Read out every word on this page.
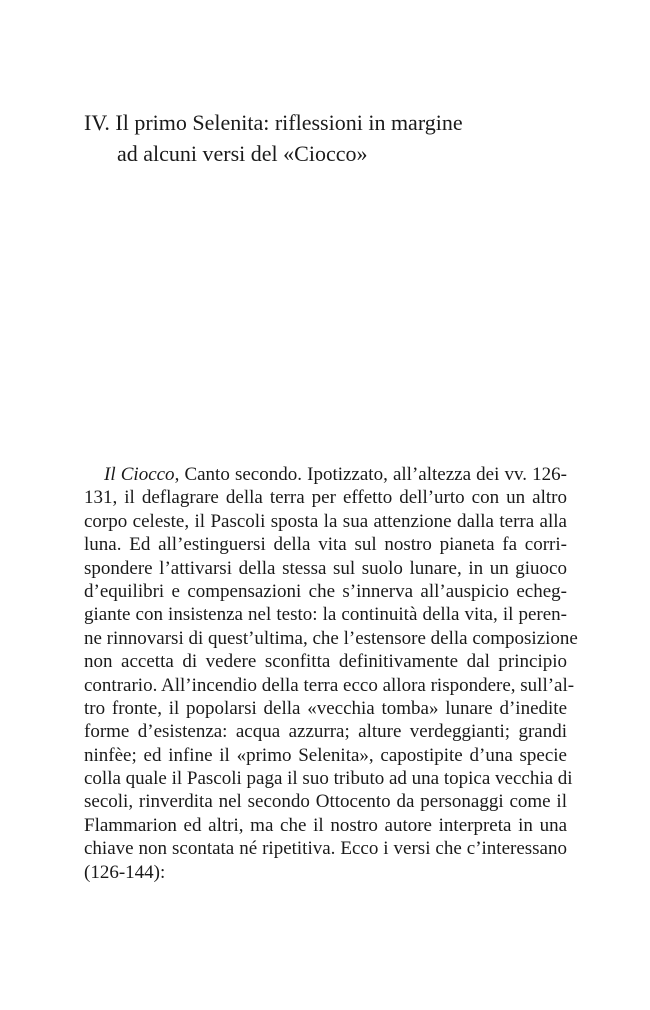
IV. Il primo Selenita: riflessioni in margine
ad alcuni versi del «Ciocco»
Il Ciocco, Canto secondo. Ipotizzato, all’altezza dei vv. 126-
131, il deflagrare della terra per effetto dell’urto con un altro
corpo celeste, il Pascoli sposta la sua attenzione dalla terra alla
luna. Ed all’estinguersi della vita sul nostro pianeta fa corri-
spondere l’attivarsi della stessa sul suolo lunare, in un giuoco
d’equilibri e compensazioni che s’innerva all’auspicio echeg-
giante con insistenza nel testo: la continuità della vita, il peren-
ne rinnovarsi di quest’ultima, che l’estensore della composizione
non accetta di vedere sconfitta definitivamente dal principio
contrario. All’incendio della terra ecco allora rispondere, sull’al-
tro fronte, il popolarsi della «vecchia tomba» lunare d’inedite
forme d’esistenza: acqua azzurra; alture verdeggianti; grandi
ninfèe; ed infine il «primo Selenita», capostipite d’una specie
colla quale il Pascoli paga il suo tributo ad una topica vecchia di
secoli, rinverdita nel secondo Ottocento da personaggi come il
Flammarion ed altri, ma che il nostro autore interpreta in una
chiave non scontata né ripetitiva. Ecco i versi che c’interessano
(126-144):
